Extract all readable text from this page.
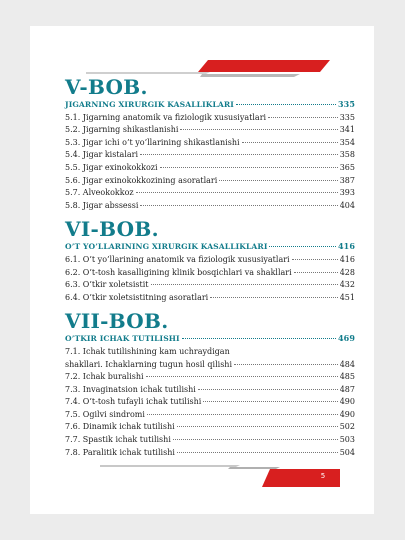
V-BOB.
JIGARNING XIRURGIK KASALLIKLARI	335
5.1. Jigarning anatomik va fiziologik xususiyatlari	335
5.2. Jigarning shikastlanishi	341
5.3. Jigar ichi o’t yo’llarining shikastlanishi	354
5.4. Jigar kistalari	358
5.5. Jigar exinokokkozi	365
5.6. Jigar exinokokkozining asoratlari	387
5.7. Alveokokkoz	393
5.8. Jigar abssessi	404
VI-BOB.
O’T YO’LLARINING XIRURGIK KASALLIKLARI	416
6.1. O’t yo’llarining anatomik va fiziologik xususiyatlari	416
6.2. O’t-tosh kasalligining klinik bosqichlari va shakllari	428
6.3. O’tkir xoletsistit	432
6.4. O’tkir xoletsistitning asoratlari	451
VII-BOB.
O’TKIR ICHAK TUTILISHI	469
7.1. Ichak tutilishining kam uchraydigan
shakllari. Ichaklarning tugun hosil qilishi	484
7.2. Ichak buralishi	485
7.3. Invaginatsion ichak tutilishi	487
7.4. O’t-tosh tufayli ichak tutilishi	490
7.5. Ogilvi sindromi	490
7.6. Dinamik ichak tutilishi	502
7.7. Spastik ichak tutilishi	503
7.8. Paralitik ichak tutilishi	504
5
